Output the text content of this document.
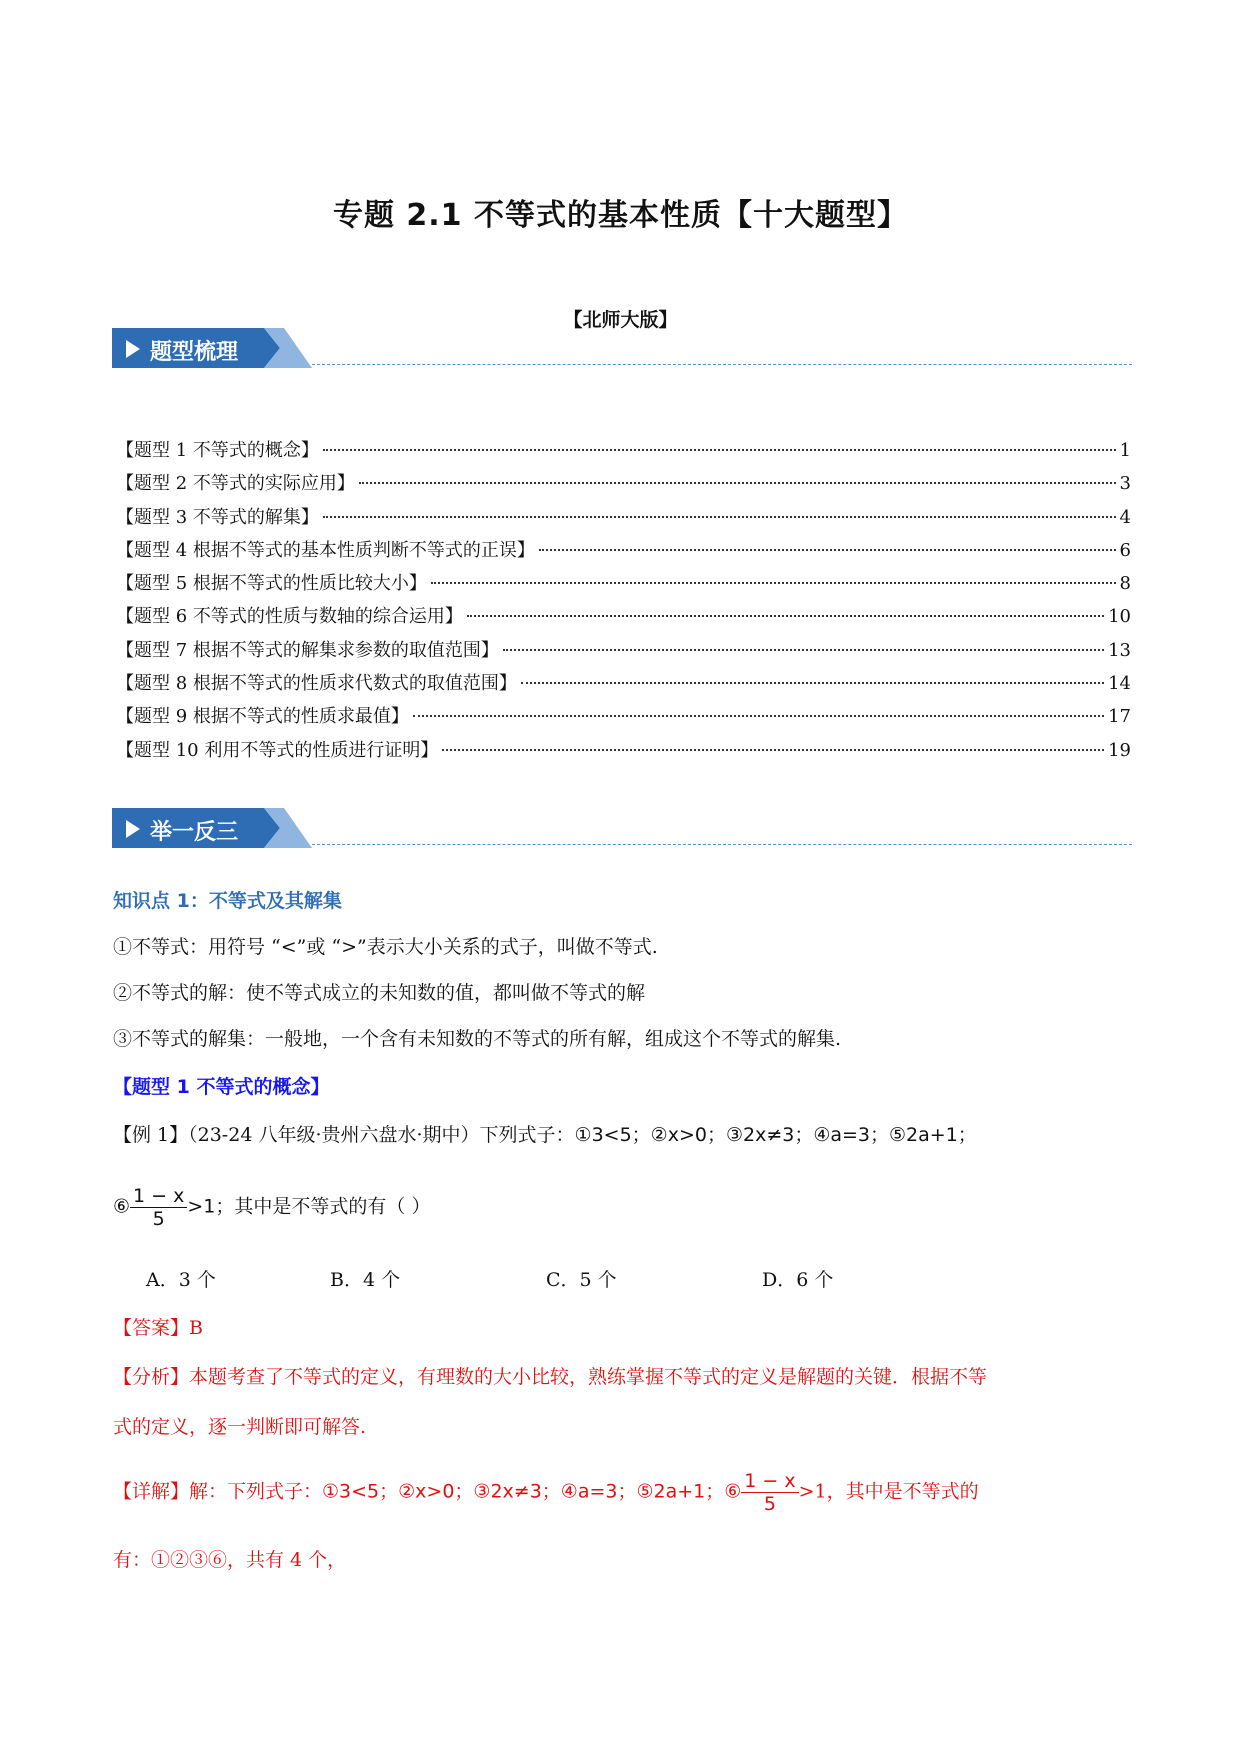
专题 2.1 不等式的基本性质【十大题型】
【北师大版】
题型梳理
【题型 1 不等式的概念】	1
【题型 2 不等式的实际应用】	3
【题型 3 不等式的解集】	4
【题型 4 根据不等式的基本性质判断不等式的正误】	6
【题型 5 根据不等式的性质比较大小】	8
【题型 6 不等式的性质与数轴的综合运用】	10
【题型 7 根据不等式的解集求参数的取值范围】	13
【题型 8 根据不等式的性质求代数式的取值范围】	14
【题型 9 根据不等式的性质求最值】	17
【题型 10 利用不等式的性质进行证明】	19
举一反三
知识点 1：不等式及其解集
①不等式：用符号 “<”或 “>”表示大小关系的式子，叫做不等式.
②不等式的解：使不等式成立的未知数的值，都叫做不等式的解
③不等式的解集：一般地，一个含有未知数的不等式的所有解，组成这个不等式的解集.
【题型 1 不等式的概念】
【例 1】（23-24 八年级·贵州六盘水·期中）下列式子：①3<5；②x>0；③2x≠3；④a=3；⑤2a+1；
⑥ $\frac{1 - x}{5} >1$；其中是不等式的有（ ）
A．3 个	B．4 个	C．5 个	D．6 个
【答案】B
【分析】本题考查了不等式的定义，有理数的大小比较，熟练掌握不等式的定义是解题的关键．根据不等
式的定义，逐一判断即可解答.
【详解】解：下列式子：①3<5；②x>0；③2x≠3；④a=3；⑤2a+1；⑥ $\frac{1 - x}{5} >1$，其中是不等式的
有：①②③⑥，共有 4 个，
